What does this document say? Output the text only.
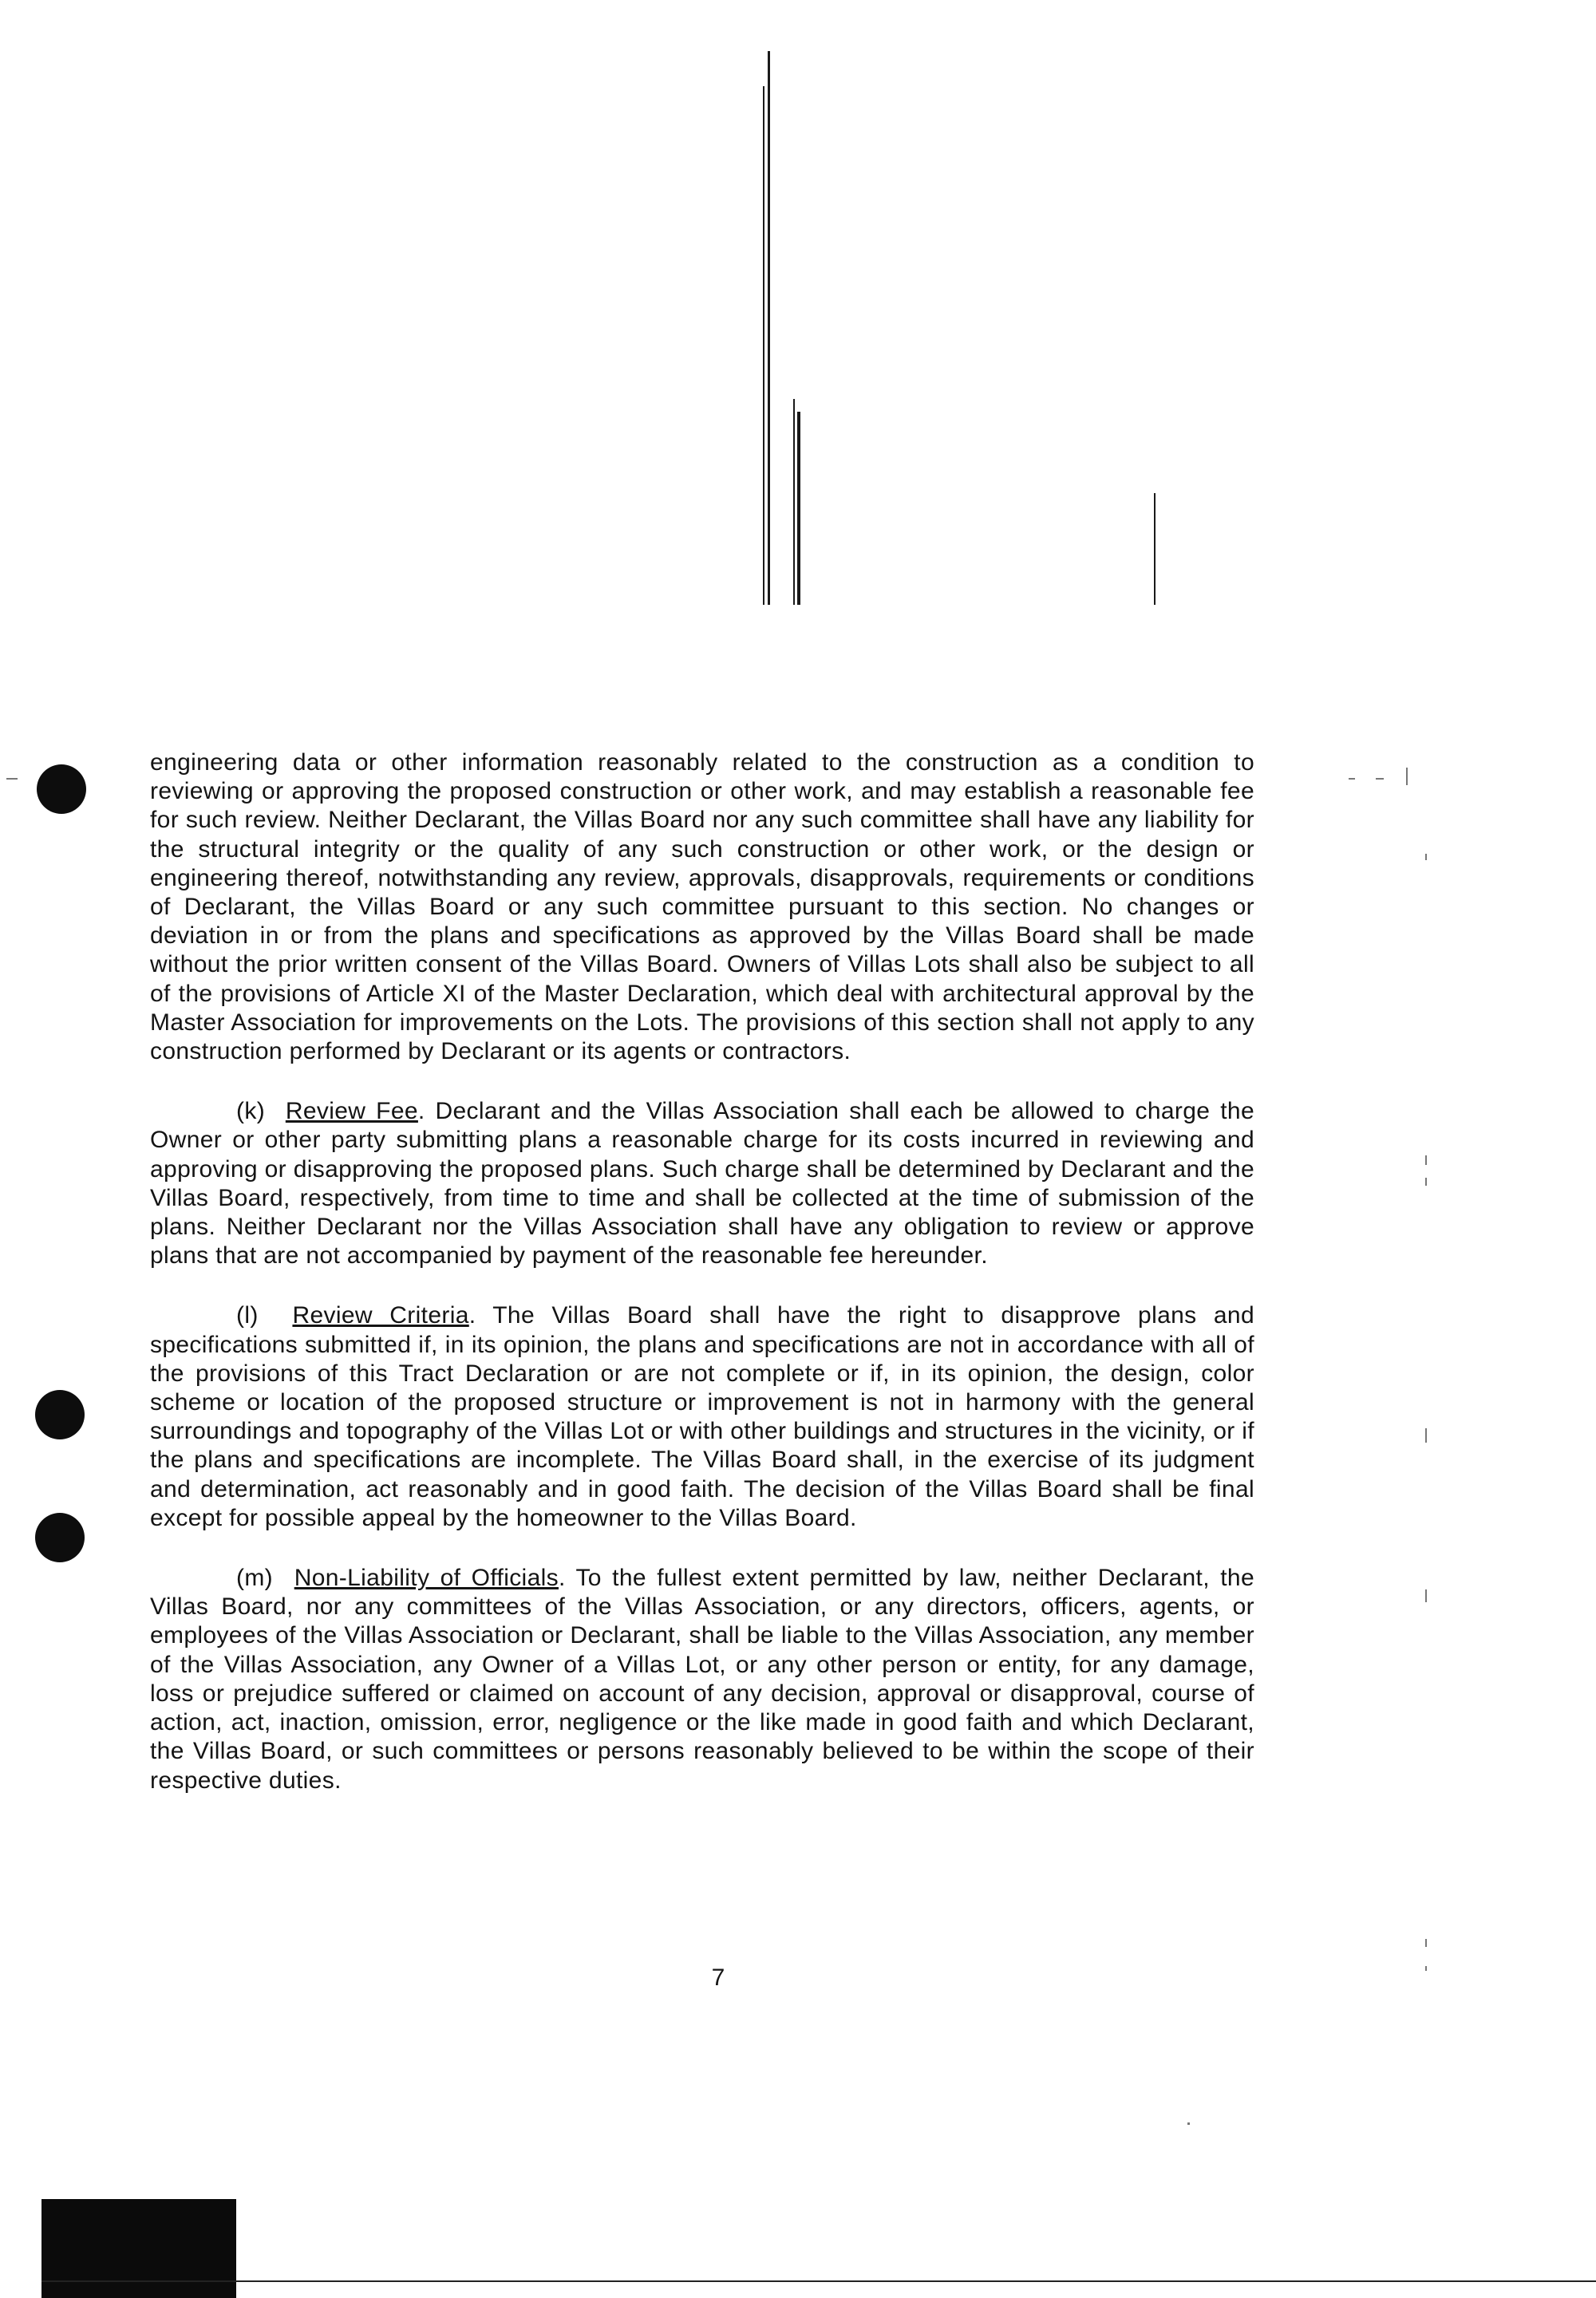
engineering data or other information reasonably related to the construction as a condition to reviewing or approving the proposed construction or other work, and may establish a reasonable fee for such review. Neither Declarant, the Villas Board nor any such committee shall have any liability for the structural integrity or the quality of any such construction or other work, or the design or engineering thereof, notwithstanding any review, approvals, disapprovals, requirements or conditions of Declarant, the Villas Board or any such committee pursuant to this section. No changes or deviation in or from the plans and specifications as approved by the Villas Board shall be made without the prior written consent of the Villas Board. Owners of Villas Lots shall also be subject to all of the provisions of Article XI of the Master Declaration, which deal with architectural approval by the Master Association for improvements on the Lots. The provisions of this section shall not apply to any construction performed by Declarant or its agents or contractors.

(k) Review Fee. Declarant and the Villas Association shall each be allowed to charge the Owner or other party submitting plans a reasonable charge for its costs incurred in reviewing and approving or disapproving the proposed plans. Such charge shall be determined by Declarant and the Villas Board, respectively, from time to time and shall be collected at the time of submission of the plans. Neither Declarant nor the Villas Association shall have any obligation to review or approve plans that are not accompanied by payment of the reasonable fee hereunder.

(l) Review Criteria. The Villas Board shall have the right to disapprove plans and specifications submitted if, in its opinion, the plans and specifications are not in accordance with all of the provisions of this Tract Declaration or are not complete or if, in its opinion, the design, color scheme or location of the proposed structure or improvement is not in harmony with the general surroundings and topography of the Villas Lot or with other buildings and structures in the vicinity, or if the plans and specifications are incomplete. The Villas Board shall, in the exercise of its judgment and determination, act reasonably and in good faith. The decision of the Villas Board shall be final except for possible appeal by the homeowner to the Villas Board.

(m) Non-Liability of Officials. To the fullest extent permitted by law, neither Declarant, the Villas Board, nor any committees of the Villas Association, or any directors, officers, agents, or employees of the Villas Association or Declarant, shall be liable to the Villas Association, any member of the Villas Association, any Owner of a Villas Lot, or any other person or entity, for any damage, loss or prejudice suffered or claimed on account of any decision, approval or disapproval, course of action, act, inaction, omission, error, negligence or the like made in good faith and which Declarant, the Villas Board, or such committees or persons reasonably believed to be within the scope of their respective duties.

7
